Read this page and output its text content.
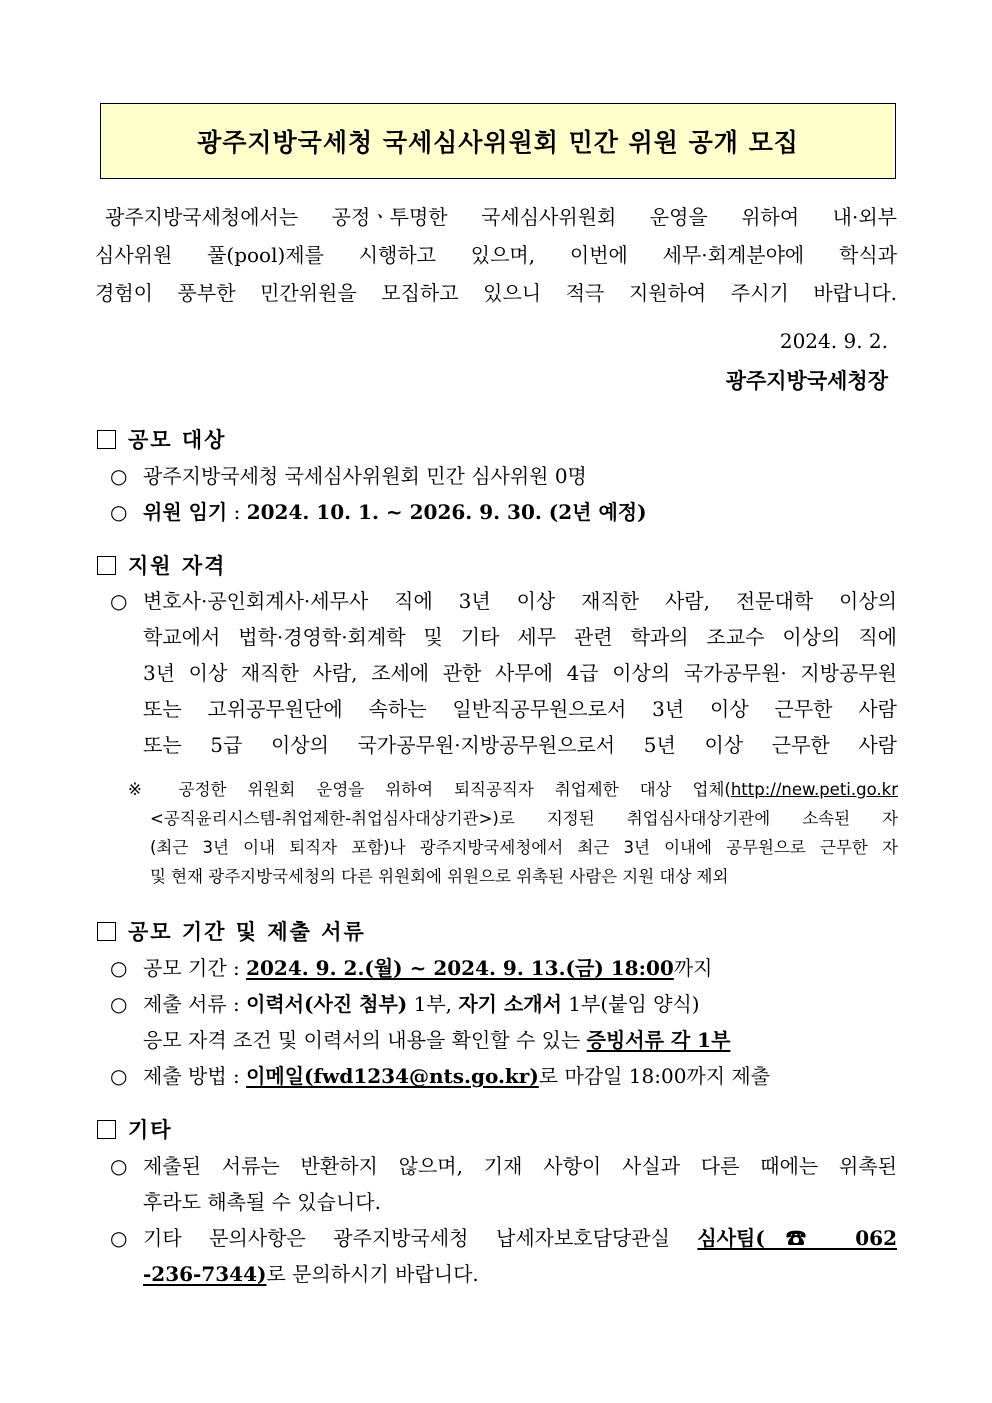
광주지방국세청 국세심사위원회 민간 위원 공개 모집
광주지방국세청에서는 공정ㆍ투명한 국세심사위원회 운영을 위하여 내·외부
심사위원 풀(pool)제를 시행하고 있으며, 이번에 세무·회계분야에 학식과
경험이 풍부한 민간위원을 모집하고 있으니 적극 지원하여 주시기 바랍니다.
2024. 9. 2.
광주지방국세청장
공모 대상
○ 광주지방국세청 국세심사위원회 민간 심사위원 0명
○ 위원 임기 : 2024. 10. 1. ~ 2026. 9. 30. (2년 예정)
지원 자격
○ 변호사·공인회계사·세무사 직에 3년 이상 재직한 사람, 전문대학 이상의
학교에서 법학·경영학·회계학 및 기타 세무 관련 학과의 조교수 이상의 직에
3년 이상 재직한 사람, 조세에 관한 사무에 4급 이상의 국가공무원· 지방공무원
또는 고위공무원단에 속하는 일반직공무원으로서 3년 이상 근무한 사람
또는 5급 이상의 국가공무원·지방공무원으로서 5년 이상 근무한 사람
※ 공정한 위원회 운영을 위하여 퇴직공직자 취업제한 대상 업체(http://new.peti.go.kr
<공직윤리시스템-취업제한-취업심사대상기관>)로 지정된 취업심사대상기관에 소속된 자
(최근 3년 이내 퇴직자 포함)나 광주지방국세청에서 최근 3년 이내에 공무원으로 근무한 자
및 현재 광주지방국세청의 다른 위원회에 위원으로 위촉된 사람은 지원 대상 제외
공모 기간 및 제출 서류
○ 공모 기간 : 2024. 9. 2.(월) ~ 2024. 9. 13.(금) 18:00까지
○ 제출 서류 : 이력서(사진 첨부) 1부, 자기 소개서 1부(붙임 양식)
응모 자격 조건 및 이력서의 내용을 확인할 수 있는 증빙서류 각 1부
○ 제출 방법 : 이메일(fwd1234@nts.go.kr)로 마감일 18:00까지 제출
기타
○ 제출된 서류는 반환하지 않으며, 기재 사항이 사실과 다른 때에는 위촉된
후라도 해촉될 수 있습니다.
○ 기타 문의사항은 광주지방국세청 납세자보호담당관실 심사팀(☎ 062
-236-7344)로 문의하시기 바랍니다.
